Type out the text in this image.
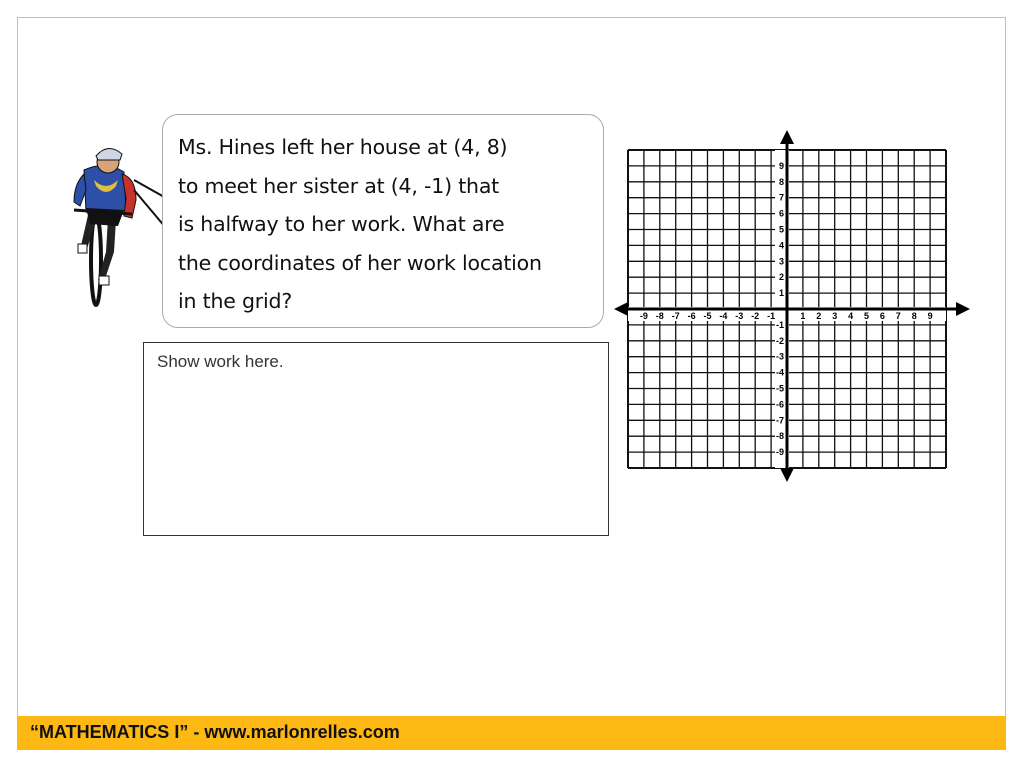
Ms. Hines left her house at (4, 8)
to meet her sister at (4, -1) that
is halfway to her work. What are
the coordinates of her work location
in the grid?
Show work here.
-9 -8 -7 -6 -5 -4 -3 -2 -1	1 2 3 4 5 6 7 8 9
9
8
7
6
5
4
3
2
1
-1
-2
-3
-4
-5
-6
-7
-8
-9
“MATHEMATICS I” - www.marlonrelles.com
